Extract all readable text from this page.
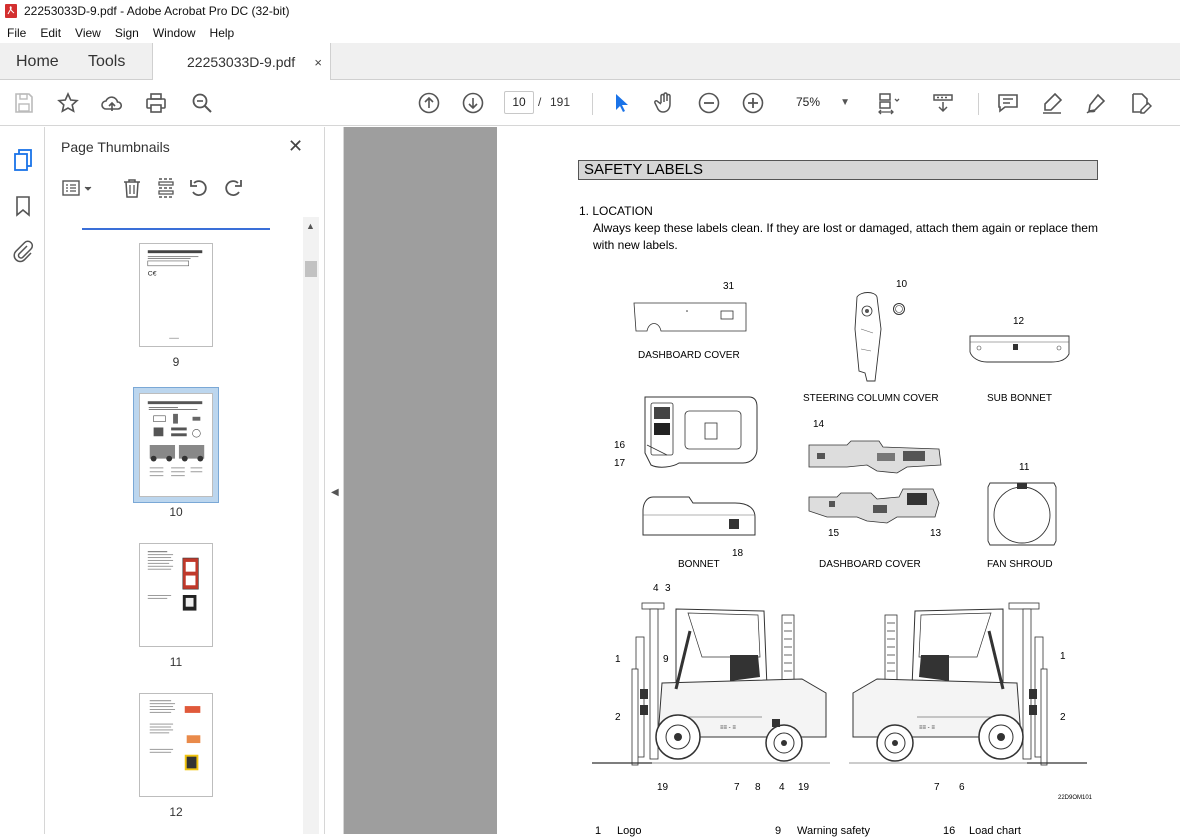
22253033D-9.pdf - Adobe Acrobat Pro DC (32-bit)
File	Edit	View	Sign	Window	Help
Home Tools	22253033D-9.pdf ×
10	/ 191	75% ▼
Page Thumbnails	✕
C€
9
10
11
12
▲
◀
SAFETY LABELS
1. LOCATION
Always keep these labels clean. If they are lost or damaged, attach them again or replace them with new labels.
31
DASHBOARD COVER
10
STEERING COLUMN COVER
12
SUB BONNET
16
17
18
BONNET
14
15	13
DASHBOARD COVER
11
FAN SHROUD
≡≡ - ≡
4 3
1	9
2
19	7 8 4 19
≡≡ - ≡
1
2
7 6
22D9OM101
1 Logo	9 Warning safety	16 Load chart
